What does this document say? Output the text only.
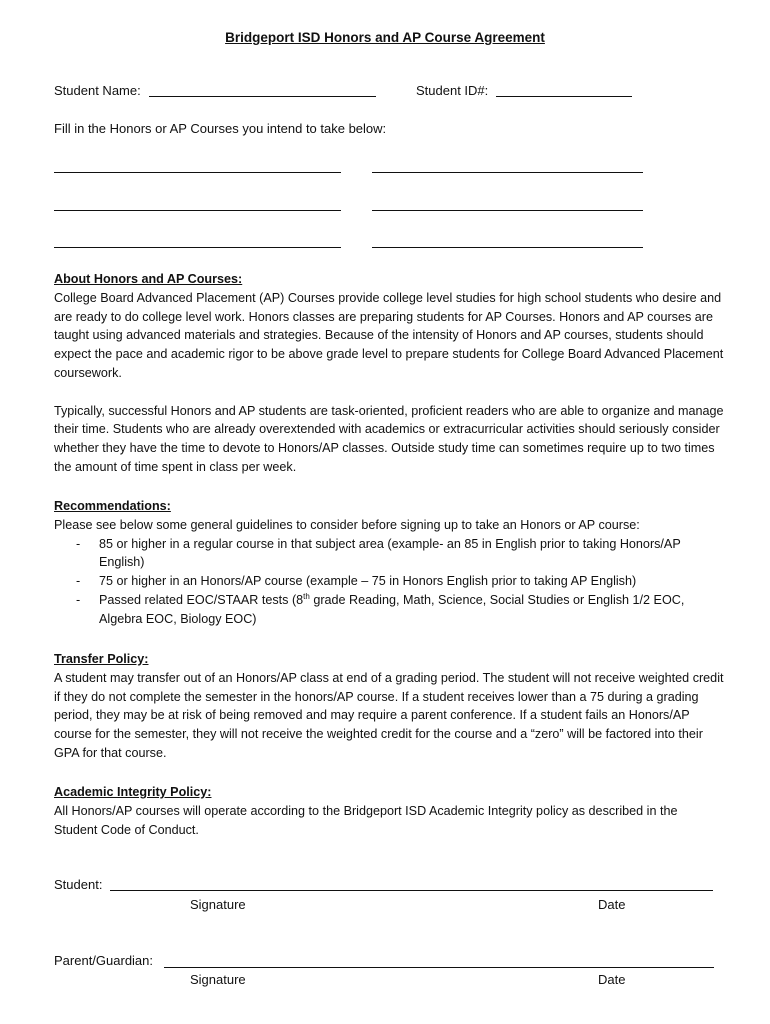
Bridgeport ISD Honors and AP Course Agreement
Student Name:	Student ID#:
Fill in the Honors or AP Courses you intend to take below:
About Honors and AP Courses:

College Board Advanced Placement (AP) Courses provide college level studies for high school students who desire and are ready to do college level work. Honors classes are preparing students for AP Courses. Honors and AP courses are taught using advanced materials and strategies. Because of the intensity of Honors and AP courses, students should expect the pace and academic rigor to be above grade level to prepare students for College Board Advanced Placement coursework.

Typically, successful Honors and AP students are task-oriented, proficient readers who are able to organize and manage their time. Students who are already overextended with academics or extracurricular activities should seriously consider whether they have the time to devote to Honors/AP classes. Outside study time can sometimes require up to two times the amount of time spent in class per week.

Recommendations:
Please see below some general guidelines to consider before signing up to take an Honors or AP course:
- 85 or higher in a regular course in that subject area (example- an 85 in English prior to taking Honors/AP English)
- 75 or higher in an Honors/AP course (example – 75 in Honors English prior to taking AP English)
- Passed related EOC/STAAR tests (8th grade Reading, Math, Science, Social Studies or English 1/2 EOC, Algebra EOC, Biology EOC)
Transfer Policy:

A student may transfer out of an Honors/AP class at end of a grading period. The student will not receive weighted credit if they do not complete the semester in the honors/AP course. If a student receives lower than a 75 during a grading period, they may be at risk of being removed and may require a parent conference. If a student fails an Honors/AP course for the semester, they will not receive the weighted credit for the course and a “zero” will be factored into their GPA for that course.

Academic Integrity Policy:

All Honors/AP courses will operate according to the Bridgeport ISD Academic Integrity policy as described in the Student Code of Conduct.

Student:
Signature	Date
Parent/Guardian:
Signature	Date
